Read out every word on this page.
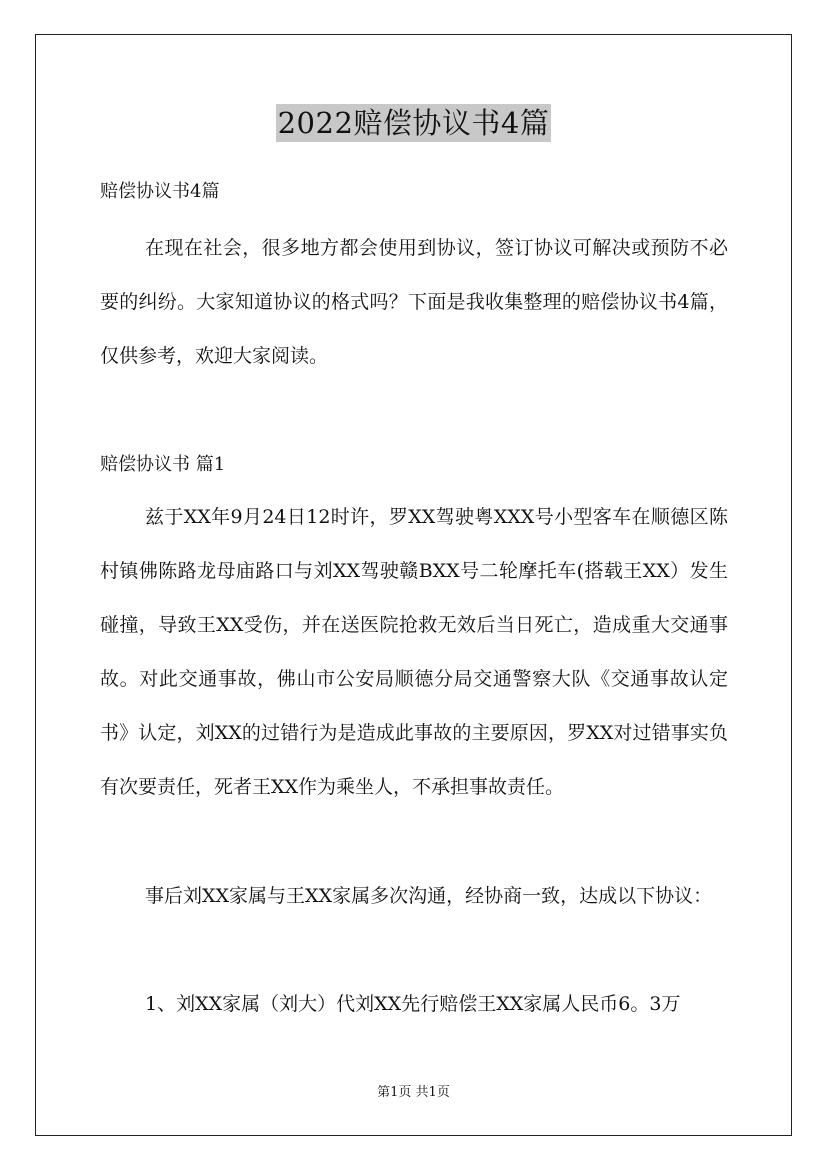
2022赔偿协议书4篇

赔偿协议书4篇

在现在社会，很多地方都会使用到协议，签订协议可解决或预防不必要的纠纷。大家知道协议的格式吗？下面是我收集整理的赔偿协议书4篇，仅供参考，欢迎大家阅读。

赔偿协议书 篇1

兹于XX年9月24日12时许，罗XX驾驶粤XXX号小型客车在顺德区陈村镇佛陈路龙母庙路口与刘XX驾驶赣BXX号二轮摩托车(搭载王XX）发生碰撞，导致王XX受伤，并在送医院抢救无效后当日死亡，造成重大交通事故。对此交通事故，佛山市公安局顺德分局交通警察大队《交通事故认定书》认定，刘XX的过错行为是造成此事故的主要原因，罗XX对过错事实负有次要责任，死者王XX作为乘坐人，不承担事故责任。

事后刘XX家属与王XX家属多次沟通，经协商一致，达成以下协议：

1、刘XX家属（刘大）代刘XX先行赔偿王XX家属人民币6。3万

第1页 共1页
